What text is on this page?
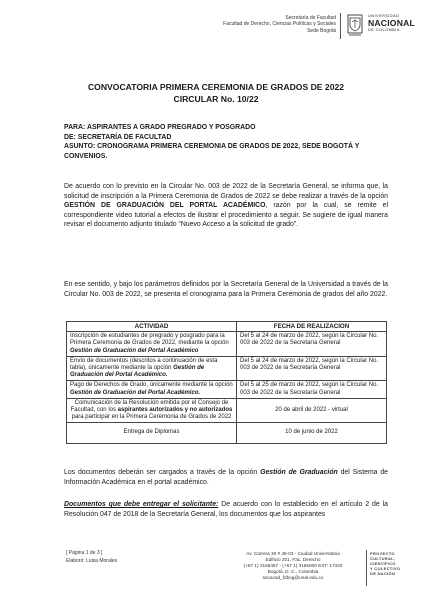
Secretaría de Facultad
Facultad de Derecho, Ciencias Políticas y Sociales
Sede Bogotá
UNIVERSIDAD
NACIONAL
DE COLOMBIA
CONVOCATORIA PRIMERA CEREMONIA DE GRADOS DE 2022
CIRCULAR No. 10/22
PARA: ASPIRANTES A GRADO PREGRADO Y POSGRADO
DE: SECRETARÍA DE FACULTAD
ASUNTO: CRONOGRAMA PRIMERA CEREMONIA DE GRADOS DE 2022, SEDE BOGOTÁ Y CONVENIOS.
De acuerdo con lo previsto en la Circular No. 003 de 2022 de la Secretaría General, se informa que, la solicitud de inscripción a la Primera Ceremonia de Grados de 2022 se debe realizar a través de la opción GESTIÓN DE GRADUACIÓN DEL PORTAL ACADÉMICO, razón por la cual, se remite el correspondiente video tutorial a efectos de ilustrar el procedimiento a seguir. Se sugiere de igual manera revisar el documento adjunto titulado “Nuevo Acceso a la solicitud de grado”.
En ese sentido, y bajo los parámetros definidos por la Secretaría General de la Universidad a través de la Circular No. 003 de 2022, se presenta el cronograma para la Primera Ceremonia de grados del año 2022.
ACTIVIDAD	FECHA DE REALIZACION
Inscripción de estudiantes de pregrado y posgrado para la Primera Ceremonia de Grados de 2022, mediante la opción Gestión de Graduación del Portal Académico	Del 5 al 24 de marzo de 2022, según la Circular No. 003 de 2022 de la Secretaría General
Envío de documentos (descritos a continuación de esta tabla), únicamente mediante la opción Gestión de Graduación del Portal Académico.	Del 5 al 24 de marzo de 2022, según la Circular No. 003 de 2022 de la Secretaría General
Pago de Derechos de Grado, únicamente mediante la opción Gestión de Graduación del Portal Académico.	Del 5 al 25 de marzo de 2022, según la Circular No. 003 de 2022 de la Secretaría General
Comunicación de la Resolución emitida por el Consejo de Facultad, con los aspirantes autorizados y no autorizados para participar en la Primera Ceremonia de Grados de 2022	20 de abril de 2022 - virtual
Entrega de Diplomas	10 de junio de 2022
Los documentos deberán ser cargados a través de la opción Gestión de Graduación del Sistema de Información Académica en el portal académico.
Documentos que debe entregar el solicitante: De acuerdo con lo establecido en el artículo 2 de la Resolución 047 de 2018 de la Secretaría General, los documentos que los aspirantes
[ Página 1 de 3 ]
Elaboró: Luisa Morales
Av. Carrera 30 # 45-03 - Ciudad Universitaria
Edificio 201, Fac. Derecho
(+57 1) 3165457 - (+57 1) 3165000 EXT: 17320
Bogotá, D. C., Colombia
secacad_fdbog@unal.edu.co
PROYECTO
CULTURAL,
CIENTÍFICO
Y COLECTIVO
DE NACIÓN
